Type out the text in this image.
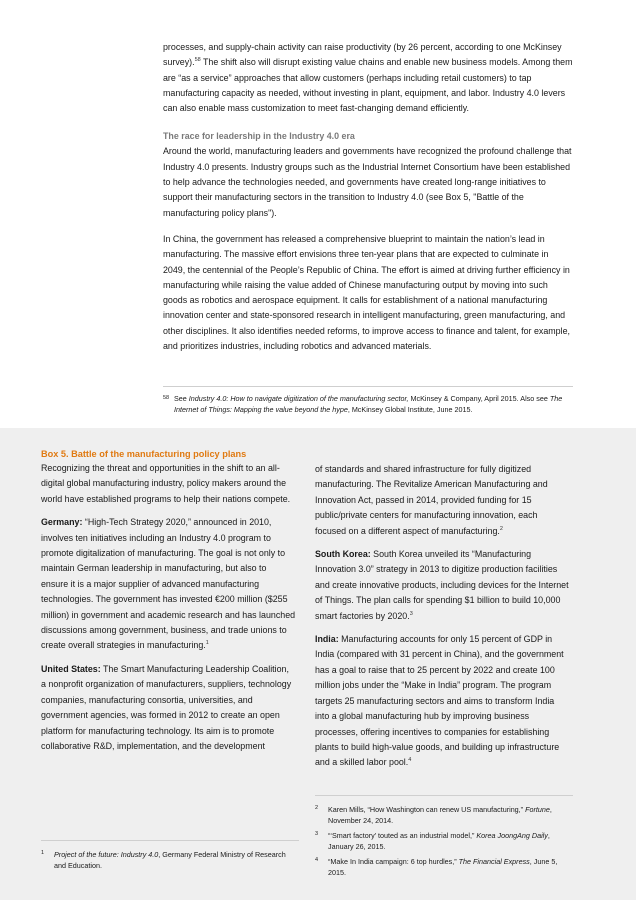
processes, and supply-chain activity can raise productivity (by 26 percent, according to one McKinsey survey).$^{58}$ The shift also will disrupt existing value chains and enable new business models. Among them are “as a service” approaches that allow customers (perhaps including retail customers) to tap manufacturing capacity as needed, without investing in plant, equipment, and labor. Industry 4.0 levers can also enable mass customization to meet fast-changing demand efficiently.

The race for leadership in the Industry 4.0 era

Around the world, manufacturing leaders and governments have recognized the profound challenge that Industry 4.0 presents. Industry groups such as the Industrial Internet Consortium have been established to help advance the technologies needed, and governments have created long-range initiatives to support their manufacturing sectors in the transition to Industry 4.0 (see Box 5, "Battle of the manufacturing policy plans").

In China, the government has released a comprehensive blueprint to maintain the nation’s lead in manufacturing. The massive effort envisions three ten-year plans that are expected to culminate in 2049, the centennial of the People’s Republic of China. The effort is aimed at driving further efficiency in manufacturing while raising the value added of Chinese manufacturing output by moving into such goods as robotics and aerospace equipment. It calls for establishment of a national manufacturing innovation center and state-sponsored research in intelligent manufacturing, green manufacturing, and other disciplines. It also identifies needed reforms, to improve access to finance and talent, for example, and prioritizes industries, including robotics and advanced materials.

58 See Industry 4.0: How to navigate digitization of the manufacturing sector, McKinsey & Company, April 2015. Also see The Internet of Things: Mapping the value beyond the hype, McKinsey Global Institute, June 2015.
Box 5. Battle of the manufacturing policy plans

Recognizing the threat and opportunities in the shift to an all-digital global manufacturing industry, policy makers around the world have established programs to help their nations compete.

Germany: “High-Tech Strategy 2020,” announced in 2010, involves ten initiatives including an Industry 4.0 program to promote digitalization of manufacturing. The goal is not only to maintain German leadership in manufacturing, but also to ensure it is a major supplier of advanced manufacturing technologies. The government has invested €200 million ($255 million) in government and academic research and has launched discussions among government, business, and trade unions to create overall strategies in manufacturing.$^1$

United States: The Smart Manufacturing Leadership Coalition, a nonprofit organization of manufacturers, suppliers, technology companies, manufacturing consortia, universities, and government agencies, was formed in 2012 to create an open platform for manufacturing technology. Its aim is to promote collaborative R&D, implementation, and the development

of standards and shared infrastructure for fully digitized manufacturing. The Revitalize American Manufacturing and Innovation Act, passed in 2014, provided funding for 15 public/private centers for manufacturing innovation, each focused on a different aspect of manufacturing.$^2$

South Korea: South Korea unveiled its “Manufacturing Innovation 3.0” strategy in 2013 to digitize production facilities and create innovative products, including devices for the Internet of Things. The plan calls for spending $1 billion to build 10,000 smart factories by 2020.$^3$

India: Manufacturing accounts for only 15 percent of GDP in India (compared with 31 percent in China), and the government has a goal to raise that to 25 percent by 2022 and create 100 million jobs under the “Make in India” program. The program targets 25 manufacturing sectors and aims to transform India into a global manufacturing hub by improving business processes, offering incentives to companies for establishing plants to build high-value goods, and building up infrastructure and a skilled labor pool.$^4$

1	Project of the future: Industry 4.0, Germany Federal Ministry of Research and Education.
2	Karen Mills, “How Washington can renew US manufacturing,” Fortune, November 24, 2014.
3	“‘Smart factory’ touted as an industrial model,” Korea JoongAng Daily, January 26, 2015.
4	“Make In India campaign: 6 top hurdles,” The Financial Express, June 5, 2015.
